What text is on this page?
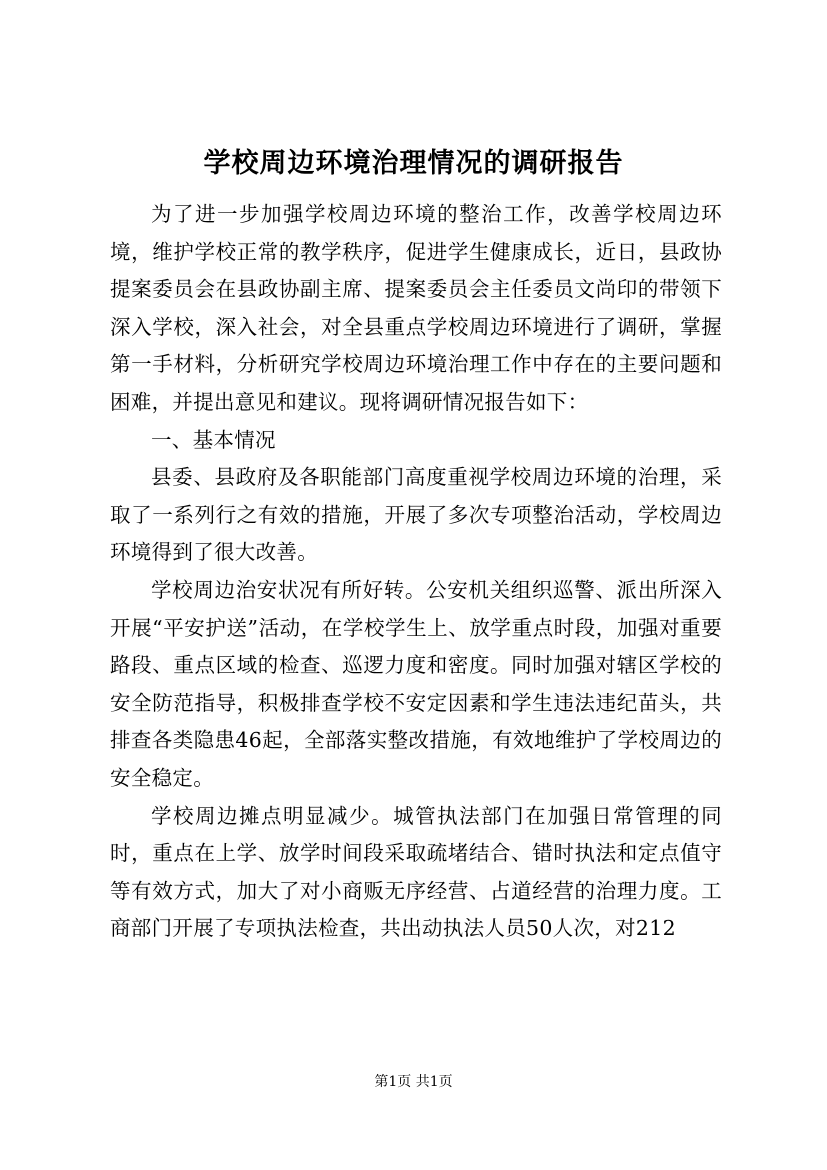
学校周边环境治理情况的调研报告

为了进一步加强学校周边环境的整治工作，改善学校周边环境，维护学校正常的教学秩序，促进学生健康成长，近日，县政协提案委员会在县政协副主席、提案委员会主任委员文尚印的带领下深入学校，深入社会，对全县重点学校周边环境进行了调研，掌握第一手材料，分析研究学校周边环境治理工作中存在的主要问题和困难，并提出意见和建议。现将调研情况报告如下：

一、基本情况

县委、县政府及各职能部门高度重视学校周边环境的治理，采取了一系列行之有效的措施，开展了多次专项整治活动，学校周边环境得到了很大改善。

学校周边治安状况有所好转。公安机关组织巡警、派出所深入开展“平安护送”活动，在学校学生上、放学重点时段，加强对重要路段、重点区域的检查、巡逻力度和密度。同时加强对辖区学校的安全防范指导，积极排查学校不安定因素和学生违法违纪苗头，共排查各类隐患46起，全部落实整改措施，有效地维护了学校周边的安全稳定。

学校周边摊点明显减少。城管执法部门在加强日常管理的同时，重点在上学、放学时间段采取疏堵结合、错时执法和定点值守等有效方式，加大了对小商贩无序经营、占道经营的治理力度。工商部门开展了专项执法检查，共出动执法人员50人次，对212

第1页 共1页
